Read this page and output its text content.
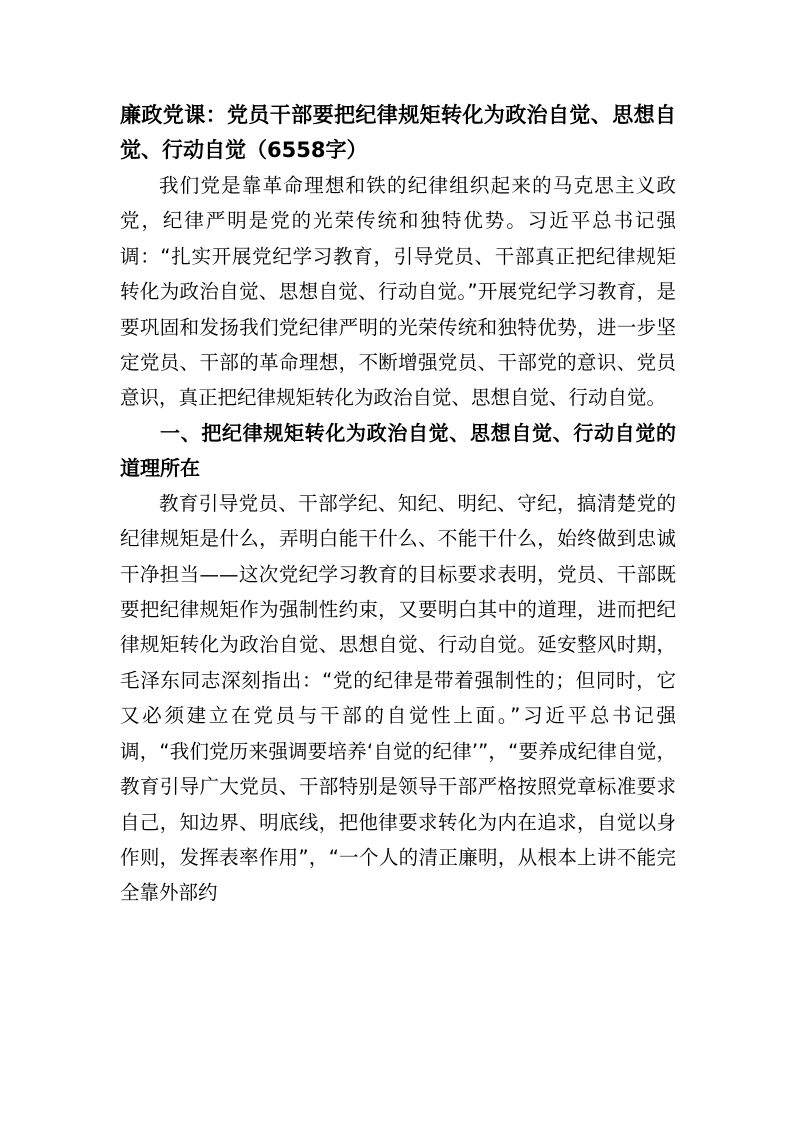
廉政党课：党员干部要把纪律规矩转化为政治自觉、思想自觉、行动自觉（6558字）

我们党是靠革命理想和铁的纪律组织起来的马克思主义政党，纪律严明是党的光荣传统和独特优势。习近平总书记强调：“扎实开展党纪学习教育，引导党员、干部真正把纪律规矩转化为政治自觉、思想自觉、行动自觉。”开展党纪学习教育，是要巩固和发扬我们党纪律严明的光荣传统和独特优势，进一步坚定党员、干部的革命理想，不断增强党员、干部党的意识、党员意识，真正把纪律规矩转化为政治自觉、思想自觉、行动自觉。

一、把纪律规矩转化为政治自觉、思想自觉、行动自觉的道理所在

教育引导党员、干部学纪、知纪、明纪、守纪，搞清楚党的纪律规矩是什么，弄明白能干什么、不能干什么，始终做到忠诚干净担当——这次党纪学习教育的目标要求表明，党员、干部既要把纪律规矩作为强制性约束，又要明白其中的道理，进而把纪律规矩转化为政治自觉、思想自觉、行动自觉。延安整风时期，毛泽东同志深刻指出：“党的纪律是带着强制性的；但同时，它又必须建立在党员与干部的自觉性上面。”习近平总书记强调，“我们党历来强调要培养‘自觉的纪律’”，“要养成纪律自觉，教育引导广大党员、干部特别是领导干部严格按照党章标准要求自己，知边界、明底线，把他律要求转化为内在追求，自觉以身作则，发挥表率作用”，“一个人的清正廉明，从根本上讲不能完全靠外部约
